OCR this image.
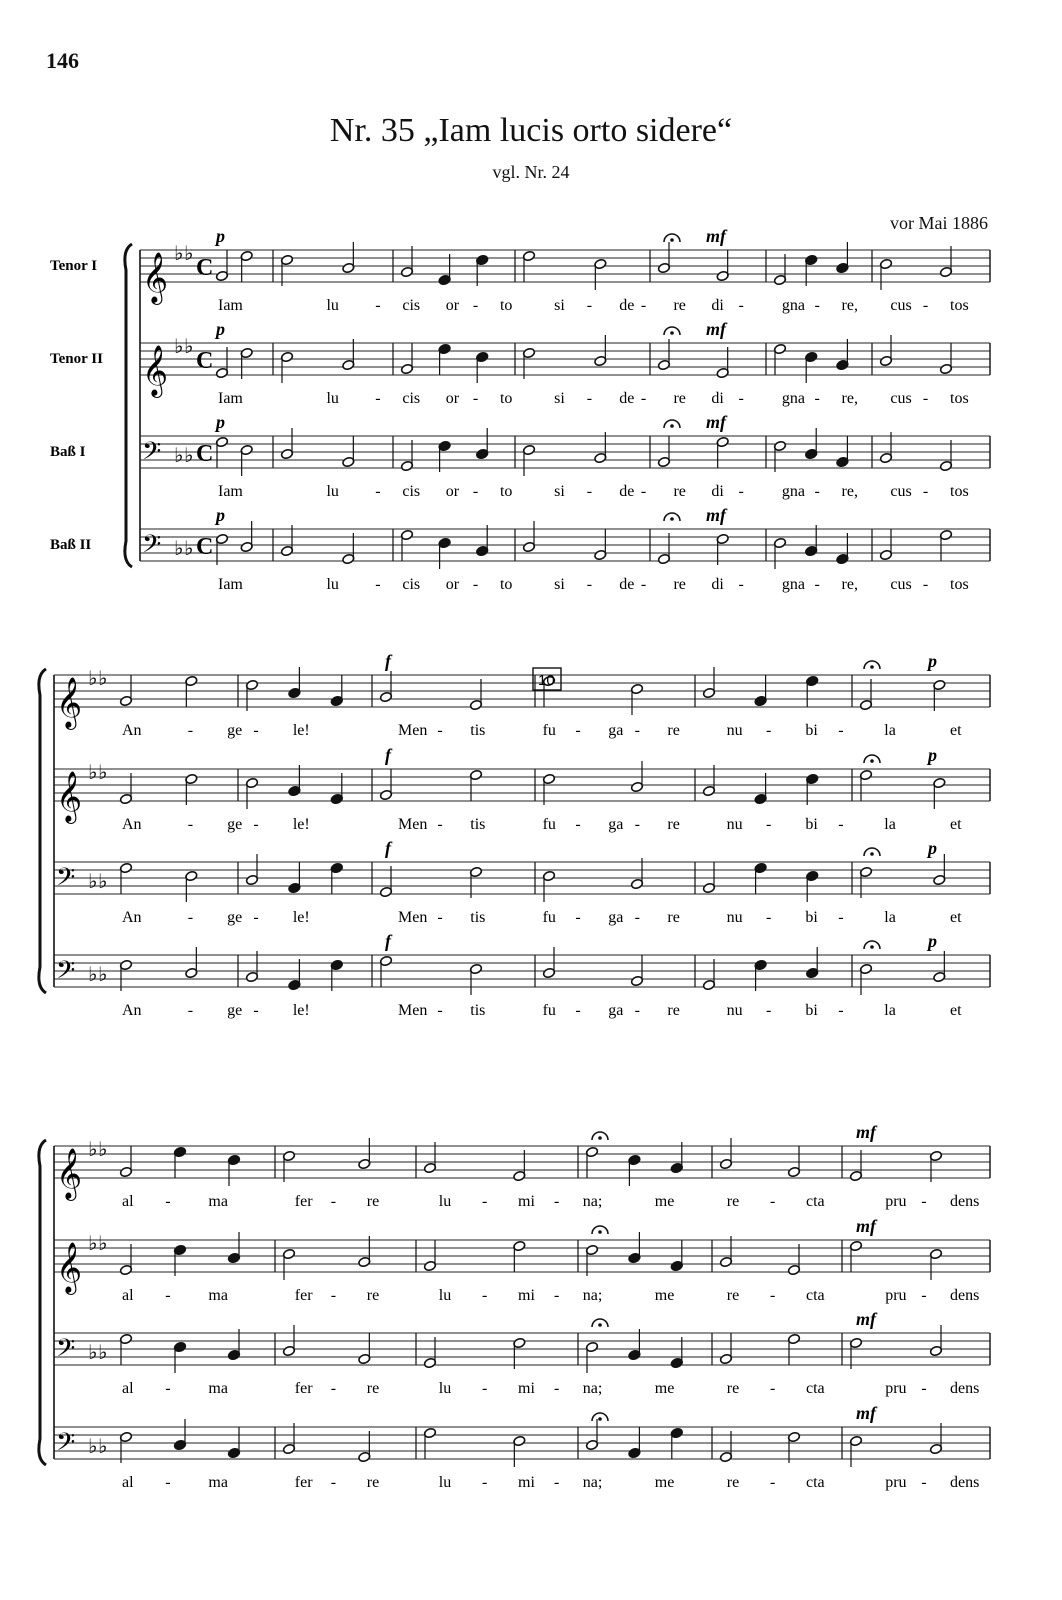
146
Nr. 35 „Iam lucis orto sidere“
vgl. Nr. 24
vor Mai 1886
𝄞 ♭ ♭
C
Tenor I
Iam	lu - cis or - to	si - de - re di - gna - re, cus - tos
𝄞 ♭ ♭
C
Tenor II
Iam	lu - cis or - to	si - de - re di - gna - re, cus - tos
𝄢 ♭ ♭ C
Baß I
Iam	lu - cis or - to	si - de - re di - gna - re, cus - tos
𝄢 ♭ ♭ C
Baß II
Iam	lu - cis or - to	si - de - re di - gna - re, cus - tos
𝄞 ♭ ♭
An	- ge - le!	Men - tis	fu - ga - re	nu - bi -	la	et
𝄞 ♭ ♭
An	- ge - le!	Men - tis	fu - ga - re	nu - bi -	la	et
𝄢 ♭ ♭
An	- ge - le!	Men - tis	fu - ga - re	nu - bi -	la	et
𝄢 ♭ ♭
An	- ge - le!	Men - tis	fu - ga - re	nu - bi -	la	et
𝄞 ♭ ♭
al - ma	fer - re	lu - mi - na;	me	re - cta	pru - dens
𝄞 ♭ ♭
al - ma	fer - re	lu - mi - na;	me	re - cta	pru - dens
𝄢 ♭ ♭
al - ma	fer - re	lu - mi - na;	me	re - cta	pru - dens
𝄢 ♭ ♭
al - ma	fer - re	lu - mi - na;	me	re - cta	pru - dens
p	mf
p	mf
p	mf
p	mf
f	p
f	p
f	p
f	p
mf
mf
mf
mf
10
